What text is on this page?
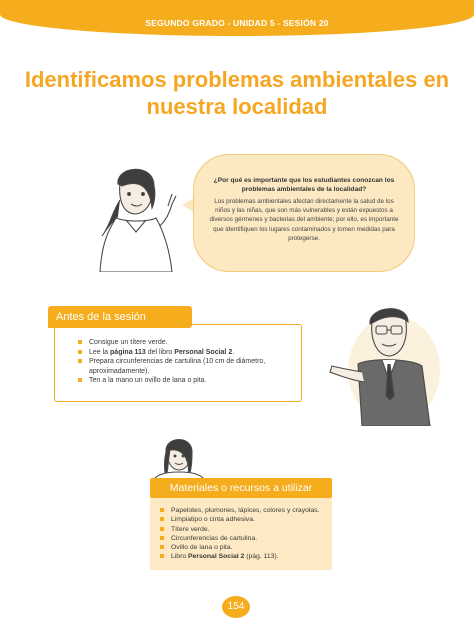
SEGUNDO GRADO - UNIDAD 5 - SESIÓN 20
Identificamos problemas ambientales en
nuestra localidad
¿Por qué es importante que los estudiantes conozcan los problemas ambientales de la localidad?
Los problemas ambientales afectan directamente la salud de los niños y las niñas, que son más vulnerables y están expuestos a diversos gérmenes y bacterias del ambiente; por ello, es importante que identifiquen los lugares contaminados y tomen medidas para protegerse.
Antes de la sesión
Consigue un títere verde.
Lee la página 113 del libro Personal Social 2.
Prepara circunferencias de cartulina (10 cm de diámetro, aproximadamente).
Ten a la mano un ovillo de lana o pita.
Materiales o recursos a utilizar
Papelotes, plumones, lápices, colores y crayolas.
Limpiatipo o cinta adhesiva.
Títere verde.
Circunferencias de cartulina.
Ovillo de lana o pita.
Libro Personal Social 2 (pág. 113).
154
